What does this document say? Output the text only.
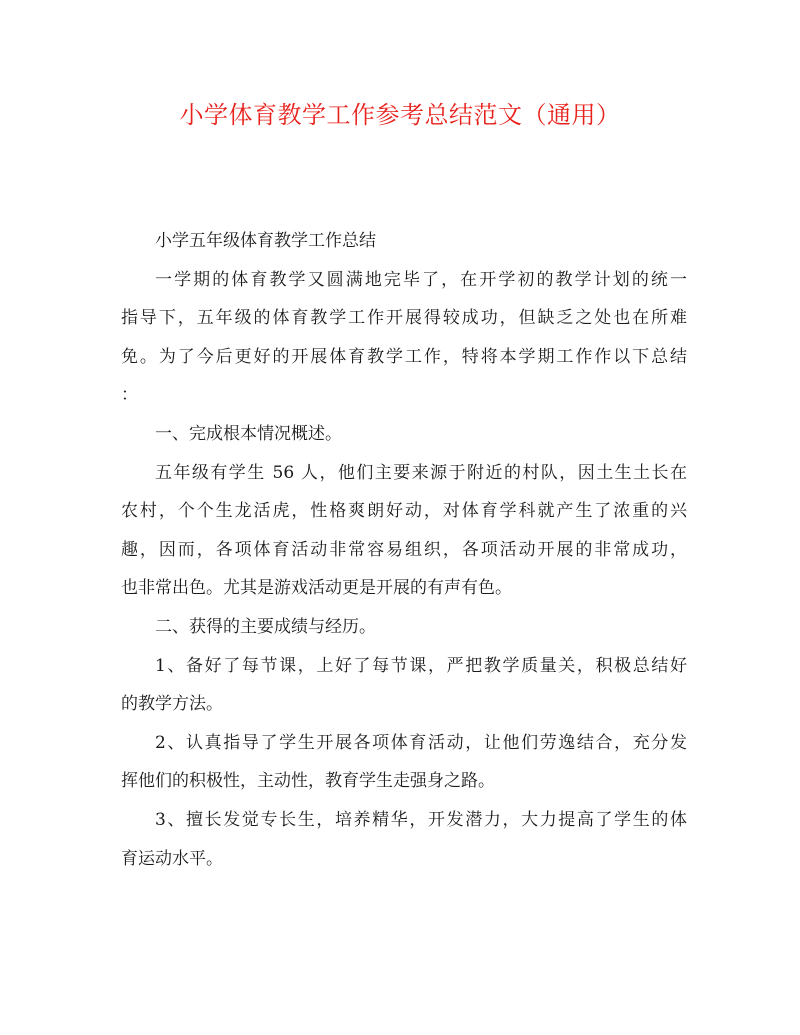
小学体育教学工作参考总结范文（通用）
小学五年级体育教学工作总结
一学期的体育教学又圆满地完毕了，在开学初的教学计划的统一
指导下，五年级的体育教学工作开展得较成功，但缺乏之处也在所难
免。为了今后更好的开展体育教学工作，特将本学期工作作以下总结
：
一、完成根本情况概述。
五年级有学生 56 人，他们主要来源于附近的村队，因土生土长在
农村，个个生龙活虎，性格爽朗好动，对体育学科就产生了浓重的兴
趣，因而，各项体育活动非常容易组织，各项活动开展的非常成功，
也非常出色。尤其是游戏活动更是开展的有声有色。
二、获得的主要成绩与经历。
1、备好了每节课，上好了每节课，严把教学质量关，积极总结好
的教学方法。
2、认真指导了学生开展各项体育活动，让他们劳逸结合，充分发
挥他们的积极性，主动性，教育学生走强身之路。
3、擅长发觉专长生，培养精华，开发潜力，大力提高了学生的体
育运动水平。
